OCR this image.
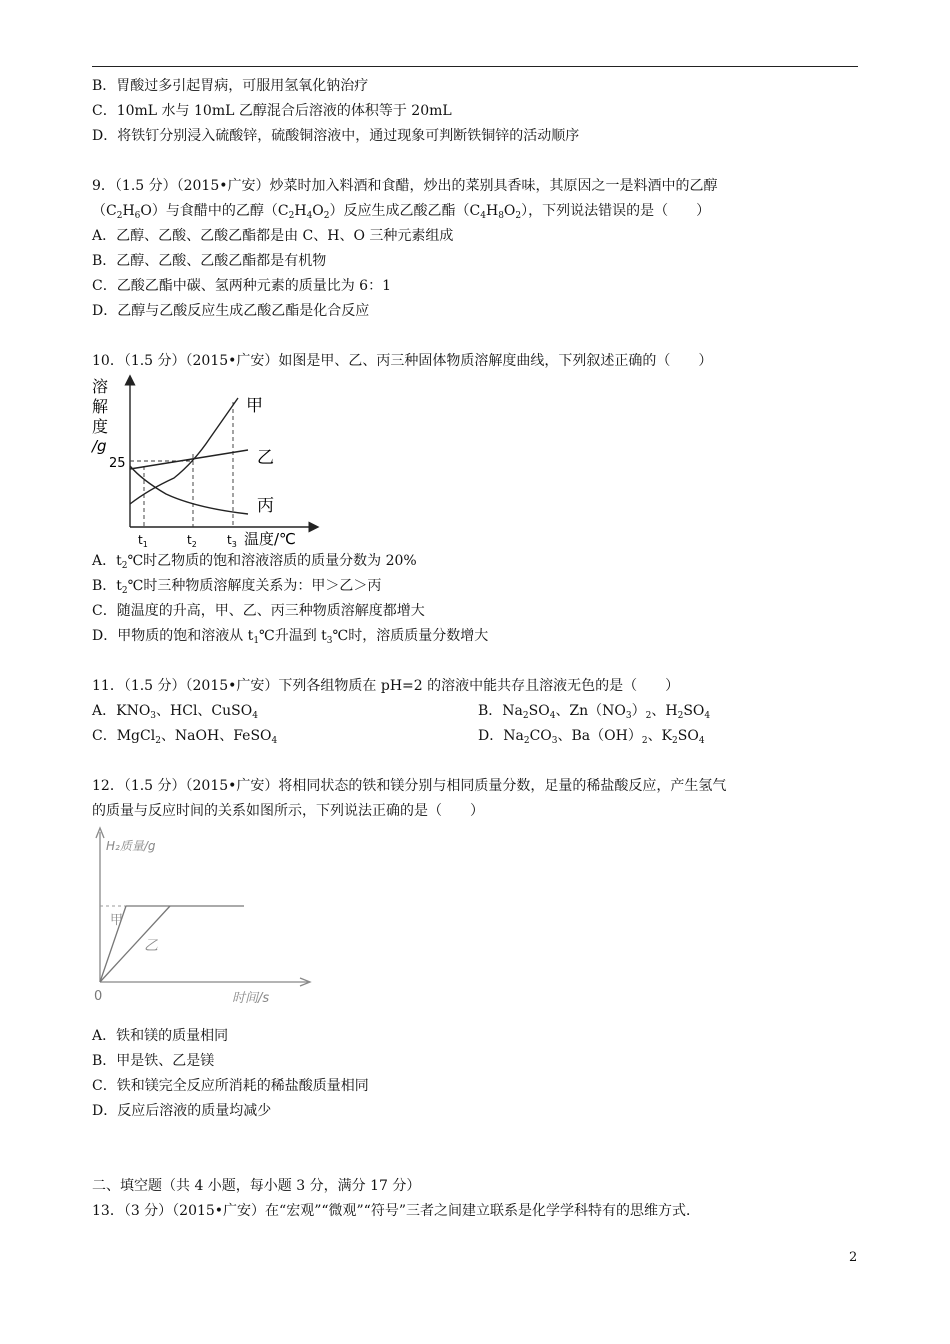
B．胃酸过多引起胃病，可服用氢氧化钠治疗
C．10mL 水与 10mL 乙醇混合后溶液的体积等于 20mL
D．将铁钉分别浸入硫酸锌，硫酸铜溶液中，通过现象可判断铁铜锌的活动顺序
9．（1.5 分）（2015•广安）炒菜时加入料酒和食醋，炒出的菜别具香味，其原因之一是料酒中的乙醇
$(C_2H_6O)$与食醋中的乙醇$(C_2H_4O_2)$反应生成乙酸乙酯$(C_4H_8O_2)$，下列说法错误的是（　　）
A．乙醇、乙酸、乙酸乙酯都是由 C、H、O 三种元素组成
B．乙醇、乙酸、乙酸乙酯都是有机物
C．乙酸乙酯中碳、氢两种元素的质量比为 6：1
D．乙醇与乙酸反应生成乙酸乙酯是化合反应
10．（1.5 分）（2015•广安）如图是甲、乙、丙三种固体物质溶解度曲线，下列叙述正确的（　　）
溶
解
度
/g
25
甲
乙
丙
$t_1$	$t_2$	$t_3$ 温度/℃
A．$t_2℃$时乙物质的饱和溶液溶质的质量分数为 20%
B．$t_2℃$时三种物质溶解度关系为：甲＞乙＞丙
C．随温度的升高，甲、乙、丙三种物质溶解度都增大
D．甲物质的饱和溶液从 $t_1℃$升温到 $t_3℃$时，溶质质量分数增大
11．（1.5 分）（2015•广安）下列各组物质在 pH=2 的溶液中能共存且溶液无色的是（　　）
A．$KNO_3$、HCl、CuSO$_4$	B．$Na_2SO_4$、$Zn(NO_3)_2$、$H_2SO_4$
C．MgCl$_2$、NaOH、FeSO$_4$	D．$Na_2CO_3$、$Ba(OH)_2$、$K_2SO_4$
12．（1.5 分）（2015•广安）将相同状态的铁和镁分别与相同质量分数，足量的稀盐酸反应，产生氢气
的质量与反应时间的关系如图所示，下列说法正确的是（　　）
H₂质量/g
0	时间/s
甲
乙
A．铁和镁的质量相同
B．甲是铁、乙是镁
C．铁和镁完全反应所消耗的稀盐酸质量相同
D．反应后溶液的质量均减少
二、填空题（共 4 小题，每小题 3 分，满分 17 分）
13．（3 分）（2015•广安）在“宏观”“微观”“符号”三者之间建立联系是化学学科特有的思维方式．
2
